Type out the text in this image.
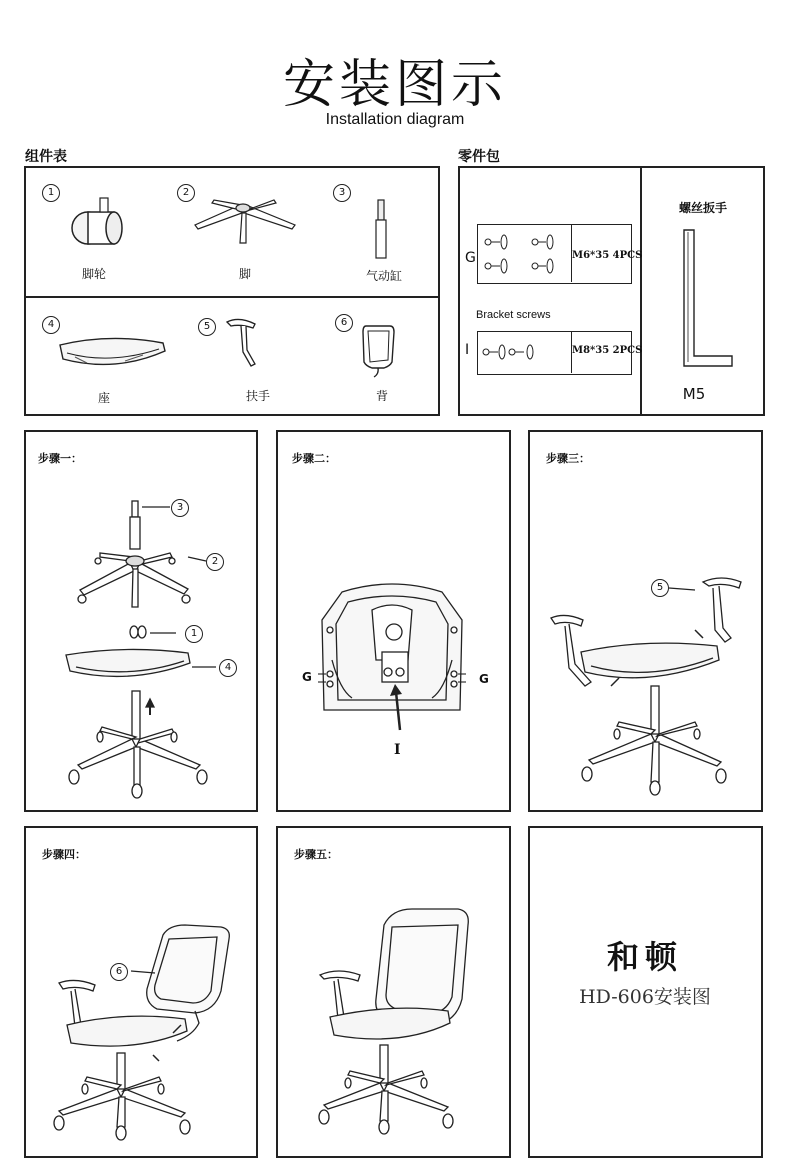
安装图示
Installation diagram
组件表	零件包
1	2	3
4	5	6
脚轮	脚	气动缸
座	扶手	背
G	M6*35 4PCS
Bracket screws
I	M8*35 2PCS
螺丝扳手
M5
步骤一：	步骤二：	步骤三：
步骤四：	步骤五：
3
2
1
4
G	G
I
5
6	和顿
HD-606安装图
